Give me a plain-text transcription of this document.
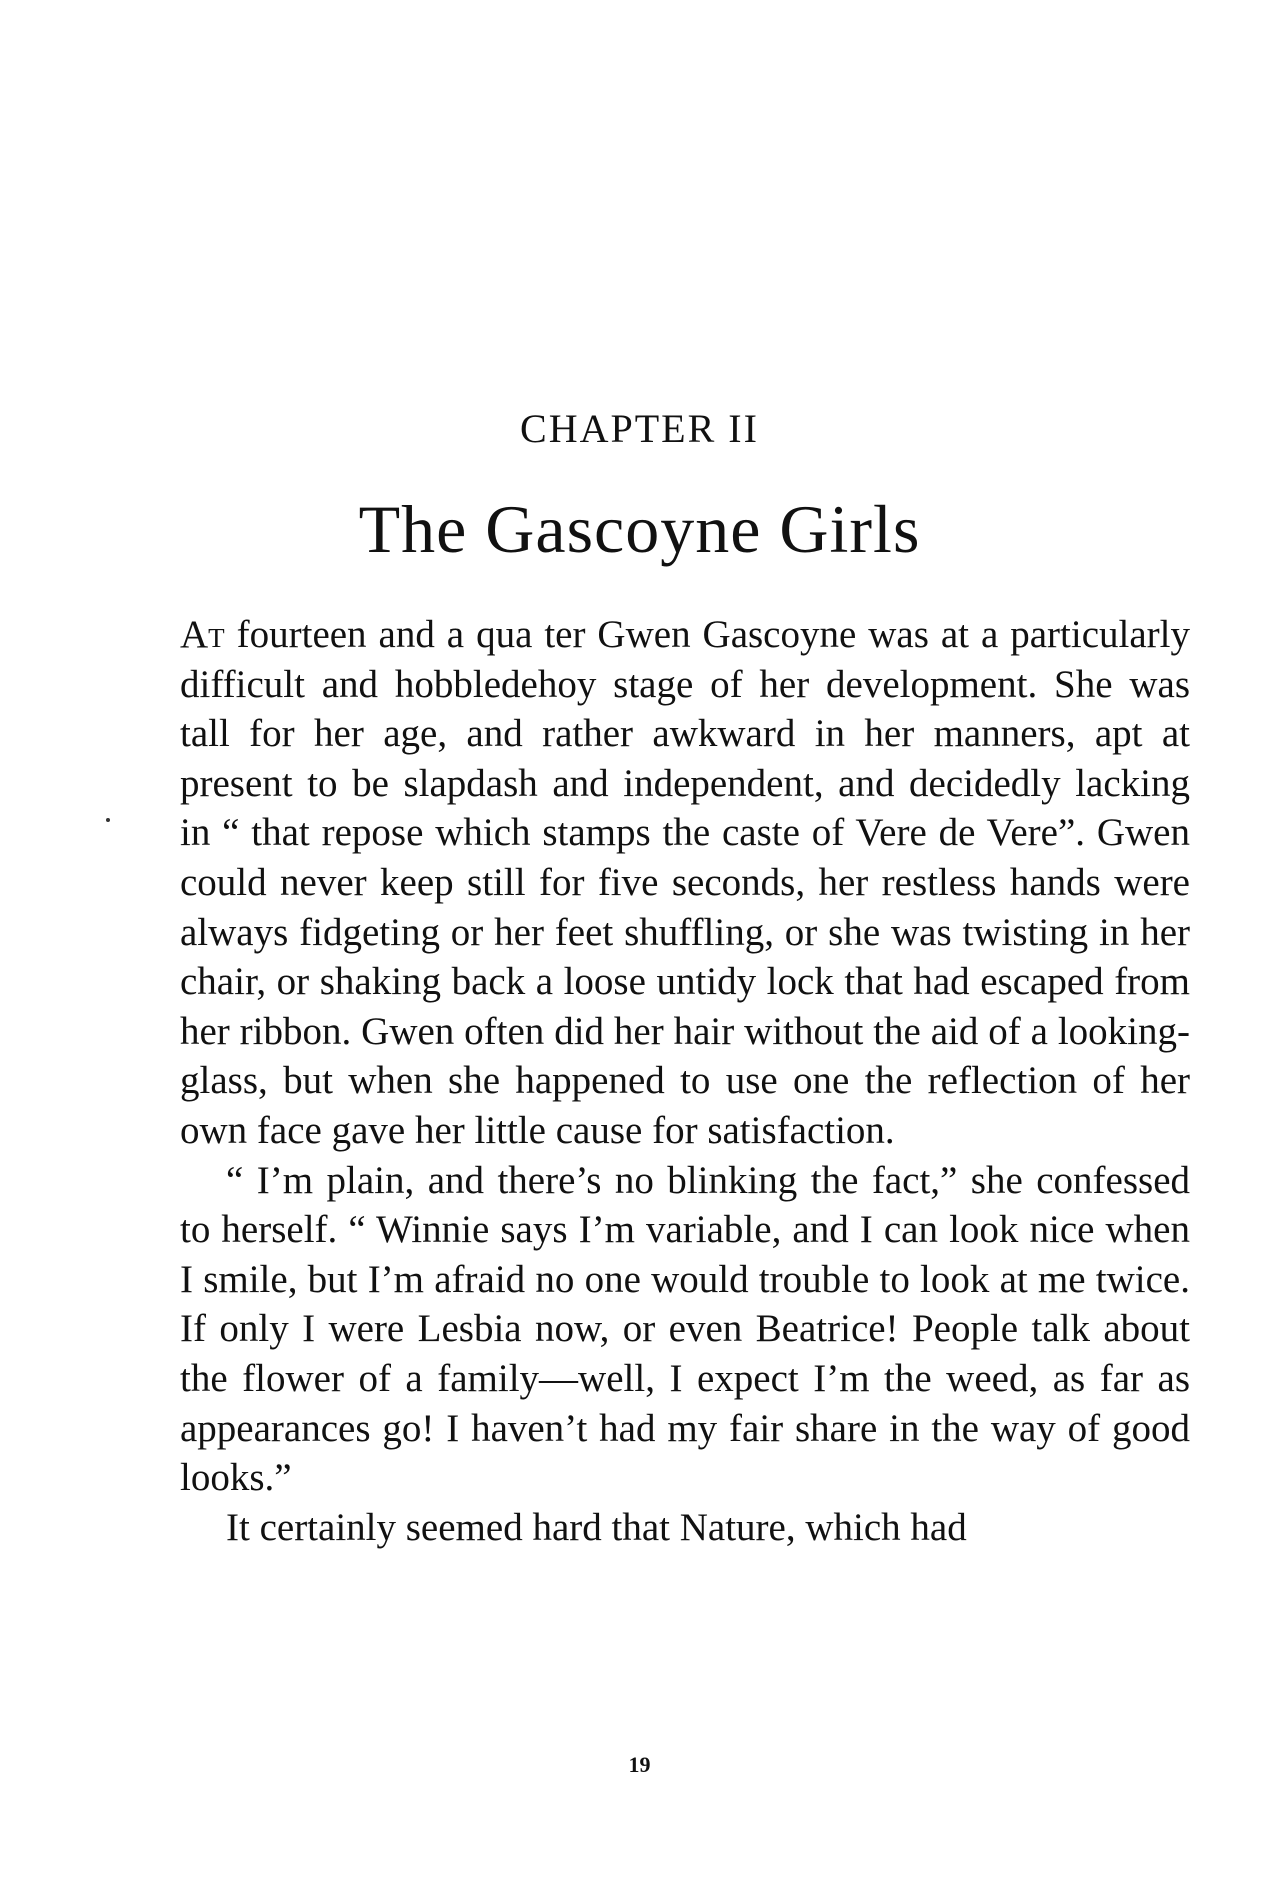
CHAPTER II
The Gascoyne Girls

At fourteen and a qua ter Gwen Gascoyne was at a particularly difficult and hobbledehoy stage of her development. She was tall for her age, and rather awkward in her manners, apt at present to be slapdash and independent, and decidedly lacking in “ that repose which stamps the caste of Vere de Vere”. Gwen could never keep still for five seconds, her restless hands were always fidgeting or her feet shuffling, or she was twisting in her chair, or shaking back a loose untidy lock that had escaped from her ribbon. Gwen often did her hair without the aid of a looking-glass, but when she happened to use one the reflection of her own face gave her little cause for satisfaction.

“ I’m plain, and there’s no blinking the fact,” she confessed to herself. “ Winnie says I’m variable, and I can look nice when I smile, but I’m afraid no one would trouble to look at me twice. If only I were Lesbia now, or even Beatrice! People talk about the flower of a family—well, I expect I’m the weed, as far as appearances go! I haven’t had my fair share in the way of good looks.”

It certainly seemed hard that Nature, which had

19
